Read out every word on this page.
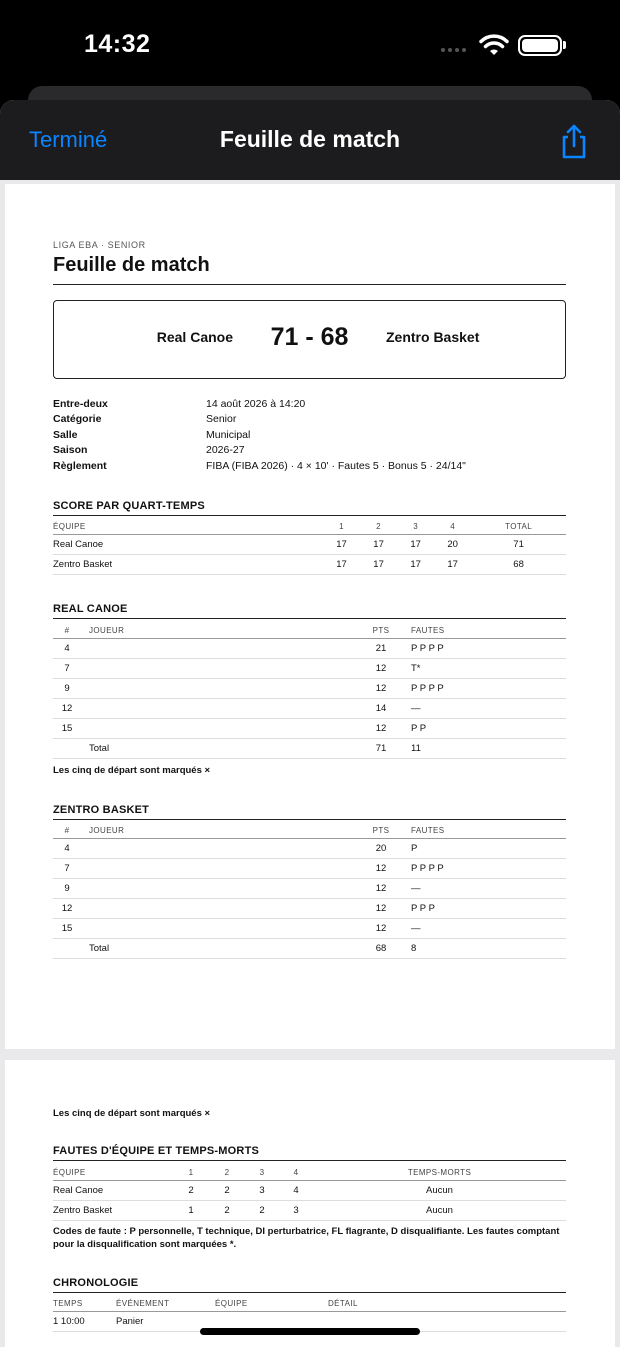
14:32
Terminé	Feuille de match
LIGA EBA · SENIOR
Feuille de match
Real Canoe	71 - 68	Zentro Basket
Entre-deux	14 août 2026 à 14:20
Catégorie	Senior
Salle	Municipal
Saison	2026-27
Règlement	FIBA (FIBA 2026) · 4 × 10' · Fautes 5 · Bonus 5 · 24/14"
SCORE PAR QUART-TEMPS
ÉQUIPE	1	2	3	4	TOTAL
Real Canoe	17	17	17	20	71
Zentro Basket	17	17	17	17	68
REAL CANOE
#	JOUEUR	PTS	FAUTES
4		21	P P P P
7		12	T*
9		12	P P P P
12		14	—
15		12	P P
	Total	71	11
Les cinq de départ sont marqués ×
ZENTRO BASKET
#	JOUEUR	PTS	FAUTES
4		20	P
7		12	P P P P
9		12	—
12		12	P P P
15		12	—
	Total	68	8
Les cinq de départ sont marqués ×
FAUTES D'ÉQUIPE ET TEMPS-MORTS
ÉQUIPE	1	2	3	4	TEMPS-MORTS
Real Canoe	2	2	3	4	Aucun
Zentro Basket	1	2	2	3	Aucun
Codes de faute : P personnelle, T technique, DI perturbatrice, FL flagrante, D disqualifiante. Les fautes comptant pour la disqualification sont marquées *.
CHRONOLOGIE
TEMPS	ÉVÉNEMENT	ÉQUIPE	DÉTAIL
1 10:00	Panier		
